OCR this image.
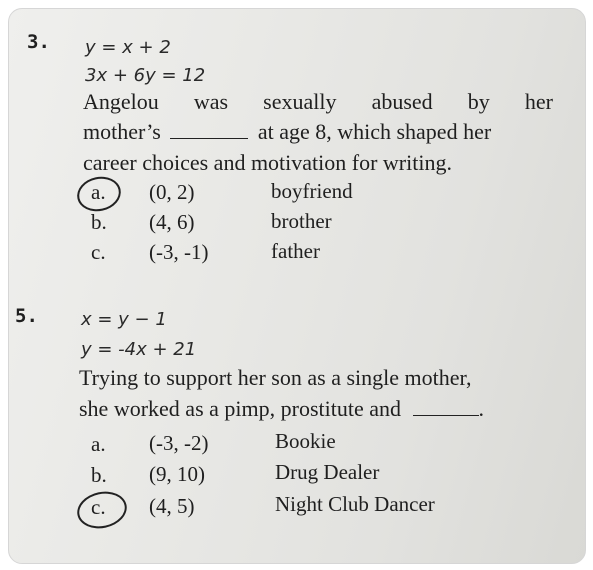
3. y = x + 2
3x + 6y = 12
Angelou was sexually abused by her
mother’s	at age 8, which shaped her
career choices and motivation for writing.
a. (0, 2)	boyfriend
b. (4, 6)	brother
c. (-3, -1)	father
5. x = y − 1
y = -4x + 21
Trying to support her son as a single mother,
she worked as a pimp, prostitute and	.
a. (-3, -2)	Bookie
b. (9, 10)	Drug Dealer
c. (4, 5)	Night Club Dancer
